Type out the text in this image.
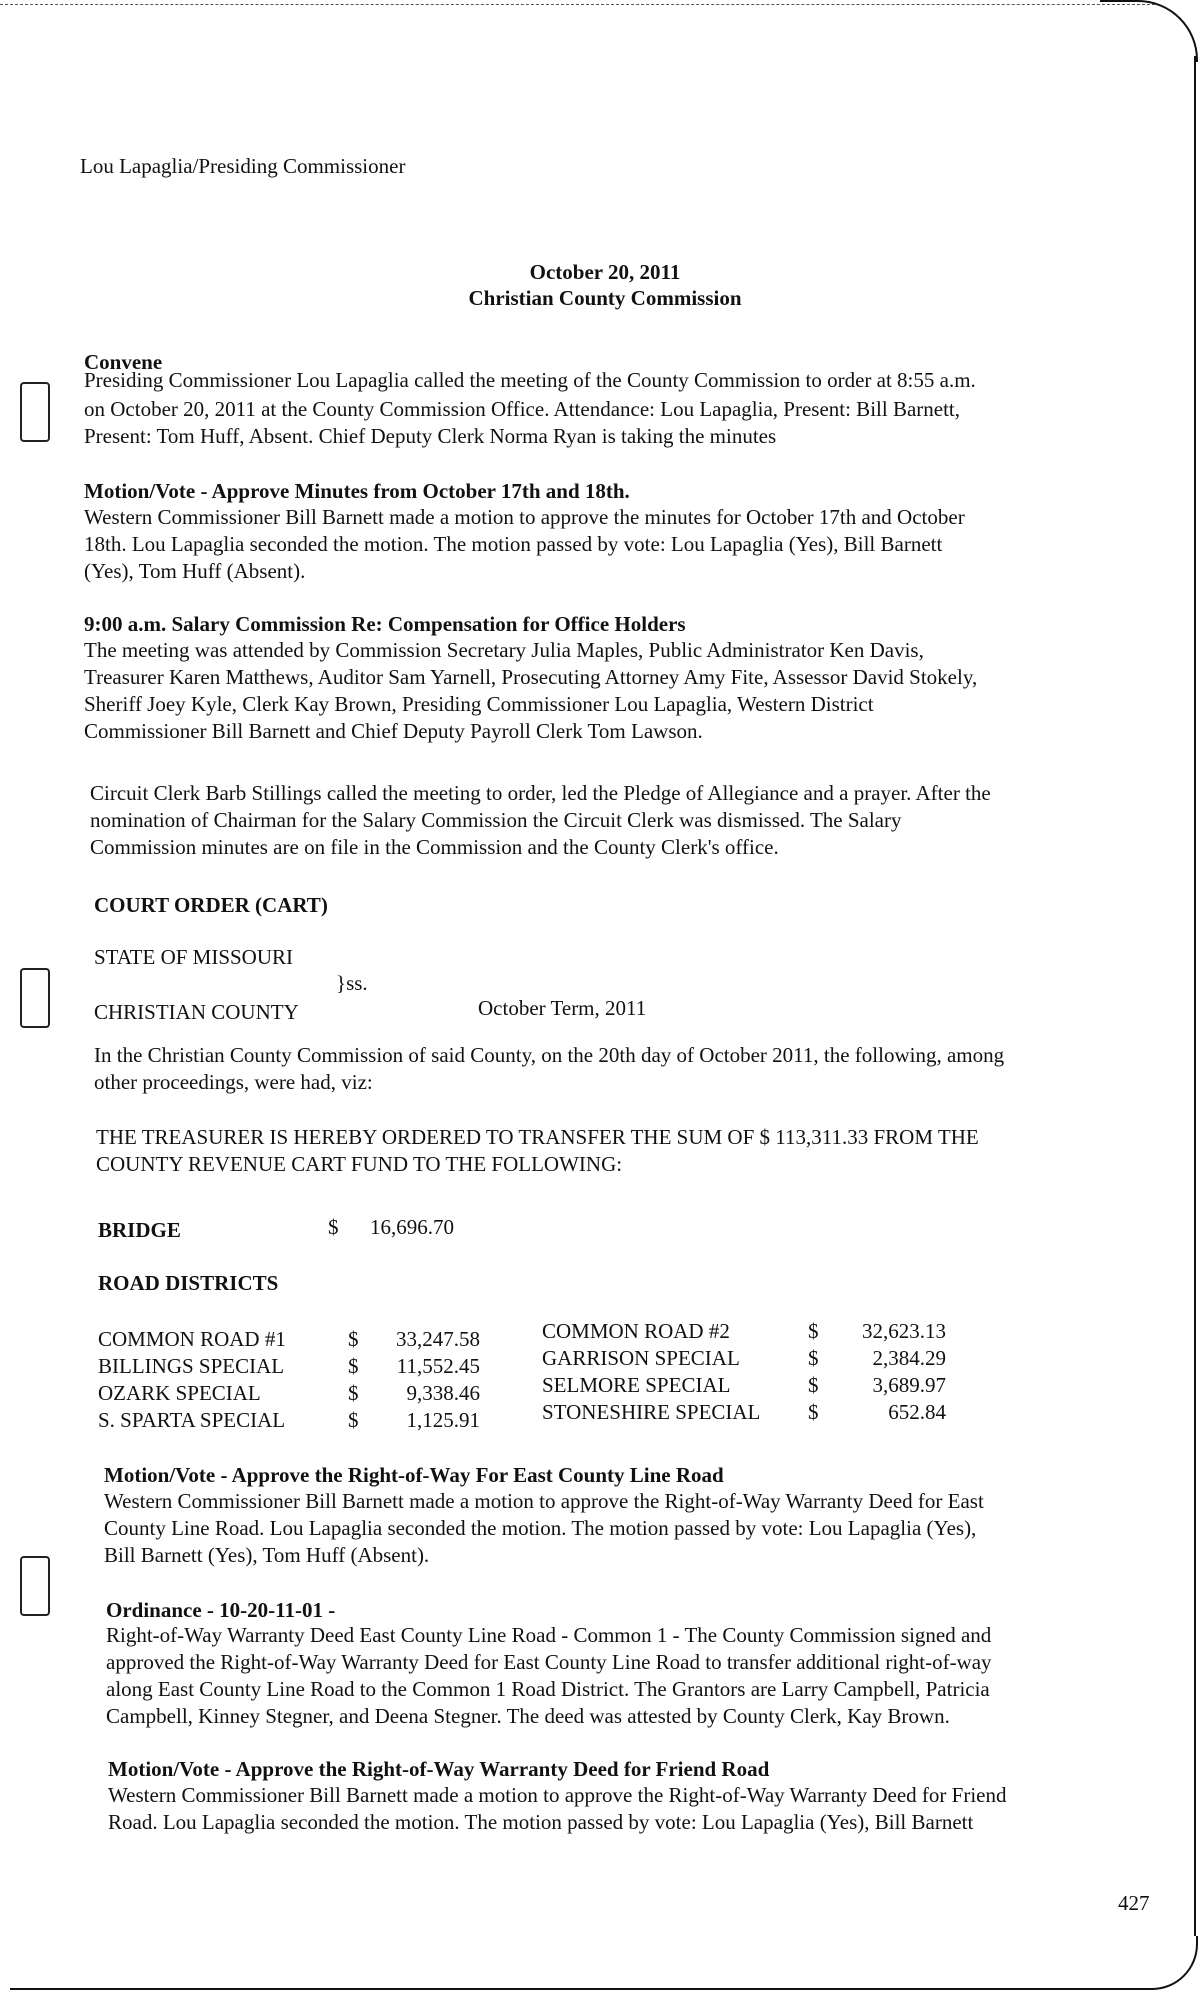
Lou Lapaglia/Presiding Commissioner
October 20, 2011
Christian County Commission
Convene
Presiding Commissioner Lou Lapaglia called the meeting of the County Commission to order at 8:55 a.m.
on October 20, 2011 at the County Commission Office. Attendance: Lou Lapaglia, Present: Bill Barnett,
Present: Tom Huff, Absent. Chief Deputy Clerk Norma Ryan is taking the minutes
Motion/Vote - Approve Minutes from October 17th and 18th.
Western Commissioner Bill Barnett made a motion to approve the minutes for October 17th and October
18th. Lou Lapaglia seconded the motion. The motion passed by vote: Lou Lapaglia (Yes), Bill Barnett
(Yes), Tom Huff (Absent).
9:00 a.m. Salary Commission Re: Compensation for Office Holders
The meeting was attended by Commission Secretary Julia Maples, Public Administrator Ken Davis,
Treasurer Karen Matthews, Auditor Sam Yarnell, Prosecuting Attorney Amy Fite, Assessor David Stokely,
Sheriff Joey Kyle, Clerk Kay Brown, Presiding Commissioner Lou Lapaglia, Western District
Commissioner Bill Barnett and Chief Deputy Payroll Clerk Tom Lawson.
Circuit Clerk Barb Stillings called the meeting to order, led the Pledge of Allegiance and a prayer. After the
nomination of Chairman for the Salary Commission the Circuit Clerk was dismissed. The Salary
Commission minutes are on file in the Commission and the County Clerk's office.
COURT ORDER (CART)
STATE OF MISSOURI
}ss.
CHRISTIAN COUNTY	October Term, 2011
In the Christian County Commission of said County, on the 20th day of October 2011, the following, among
other proceedings, were had, viz:
THE TREASURER IS HEREBY ORDERED TO TRANSFER THE SUM OF $ 113,311.33 FROM THE
COUNTY REVENUE CART FUND TO THE FOLLOWING:
BRIDGE	$ 16,696.70
ROAD DISTRICTS
COMMON ROAD #1	$	33,247.58
BILLINGS SPECIAL	$	11,552.45
OZARK SPECIAL	$	9,338.46
S. SPARTA SPECIAL	$	1,125.91
COMMON ROAD #2	$	32,623.13
GARRISON SPECIAL	$	2,384.29
SELMORE SPECIAL	$	3,689.97
STONESHIRE SPECIAL $	652.84
Motion/Vote - Approve the Right-of-Way For East County Line Road
Western Commissioner Bill Barnett made a motion to approve the Right-of-Way Warranty Deed for East
County Line Road. Lou Lapaglia seconded the motion. The motion passed by vote: Lou Lapaglia (Yes),
Bill Barnett (Yes), Tom Huff (Absent).
Ordinance - 10-20-11-01 -
Right-of-Way Warranty Deed East County Line Road - Common 1 - The County Commission signed and
approved the Right-of-Way Warranty Deed for East County Line Road to transfer additional right-of-way
along East County Line Road to the Common 1 Road District. The Grantors are Larry Campbell, Patricia
Campbell, Kinney Stegner, and Deena Stegner. The deed was attested by County Clerk, Kay Brown.
Motion/Vote - Approve the Right-of-Way Warranty Deed for Friend Road
Western Commissioner Bill Barnett made a motion to approve the Right-of-Way Warranty Deed for Friend
Road. Lou Lapaglia seconded the motion. The motion passed by vote: Lou Lapaglia (Yes), Bill Barnett
427
